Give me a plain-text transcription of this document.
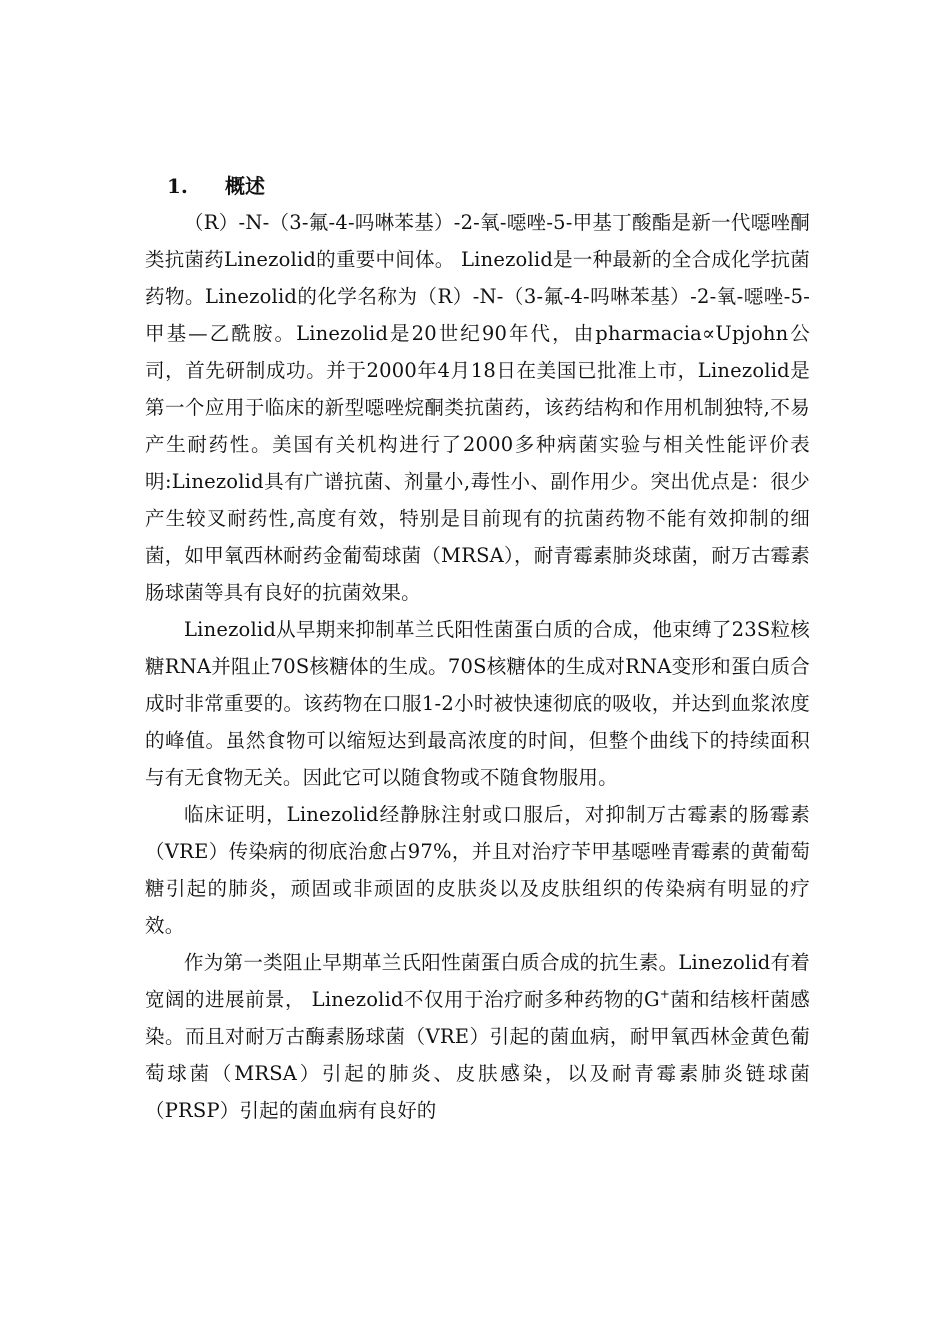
1. 概述

（R）-N-（3-氟-4-吗啉苯基）-2-氧-噁唑-5-甲基丁酸酯是新一代噁唑酮类抗菌药Linezolid的重要中间体。 Linezolid是一种最新的全合成化学抗菌药物。Linezolid的化学名称为（R）-N-（3-氟-4-吗啉苯基）-2-氧-噁唑-5-甲基—乙酰胺。Linezolid是20世纪90年代，由pharmacia∝Upjohn公司，首先研制成功。并于2000年4月18日在美国已批准上市，Linezolid是第一个应用于临床的新型噁唑烷酮类抗菌药，该药结构和作用机制独特,不易产生耐药性。美国有关机构进行了2000多种病菌实验与相关性能评价表明:Linezolid具有广谱抗菌、剂量小,毒性小、副作用少。突出优点是：很少产生较叉耐药性,高度有效，特别是目前现有的抗菌药物不能有效抑制的细菌，如甲氧西林耐药金葡萄球菌（MRSA），耐青霉素肺炎球菌，耐万古霉素肠球菌等具有良好的抗菌效果。

Linezolid从早期来抑制革兰氏阳性菌蛋白质的合成，他束缚了23S粒核糖RNA并阻止70S核糖体的生成。70S核糖体的生成对RNA变形和蛋白质合成时非常重要的。该药物在口服1-2小时被快速彻底的吸收，并达到血浆浓度的峰值。虽然食物可以缩短达到最高浓度的时间，但整个曲线下的持续面积与有无食物无关。因此它可以随食物或不随食物服用。

临床证明，Linezolid经静脉注射或口服后，对抑制万古霉素的肠霉素（VRE）传染病的彻底治愈占97%，并且对治疗苄甲基噁唑青霉素的黄葡萄糖引起的肺炎，顽固或非顽固的皮肤炎以及皮肤组织的传染病有明显的疗效。

作为第一类阻止早期革兰氏阳性菌蛋白质合成的抗生素。Linezolid有着宽阔的进展前景， Linezolid不仅用于治疗耐多种药物的G+菌和结核杆菌感染。而且对耐万古酶素肠球菌（VRE）引起的菌血病，耐甲氧西林金黄色葡萄球菌（MRSA）引起的肺炎、皮肤感染，以及耐青霉素肺炎链球菌（PRSP）引起的菌血病有良好的
